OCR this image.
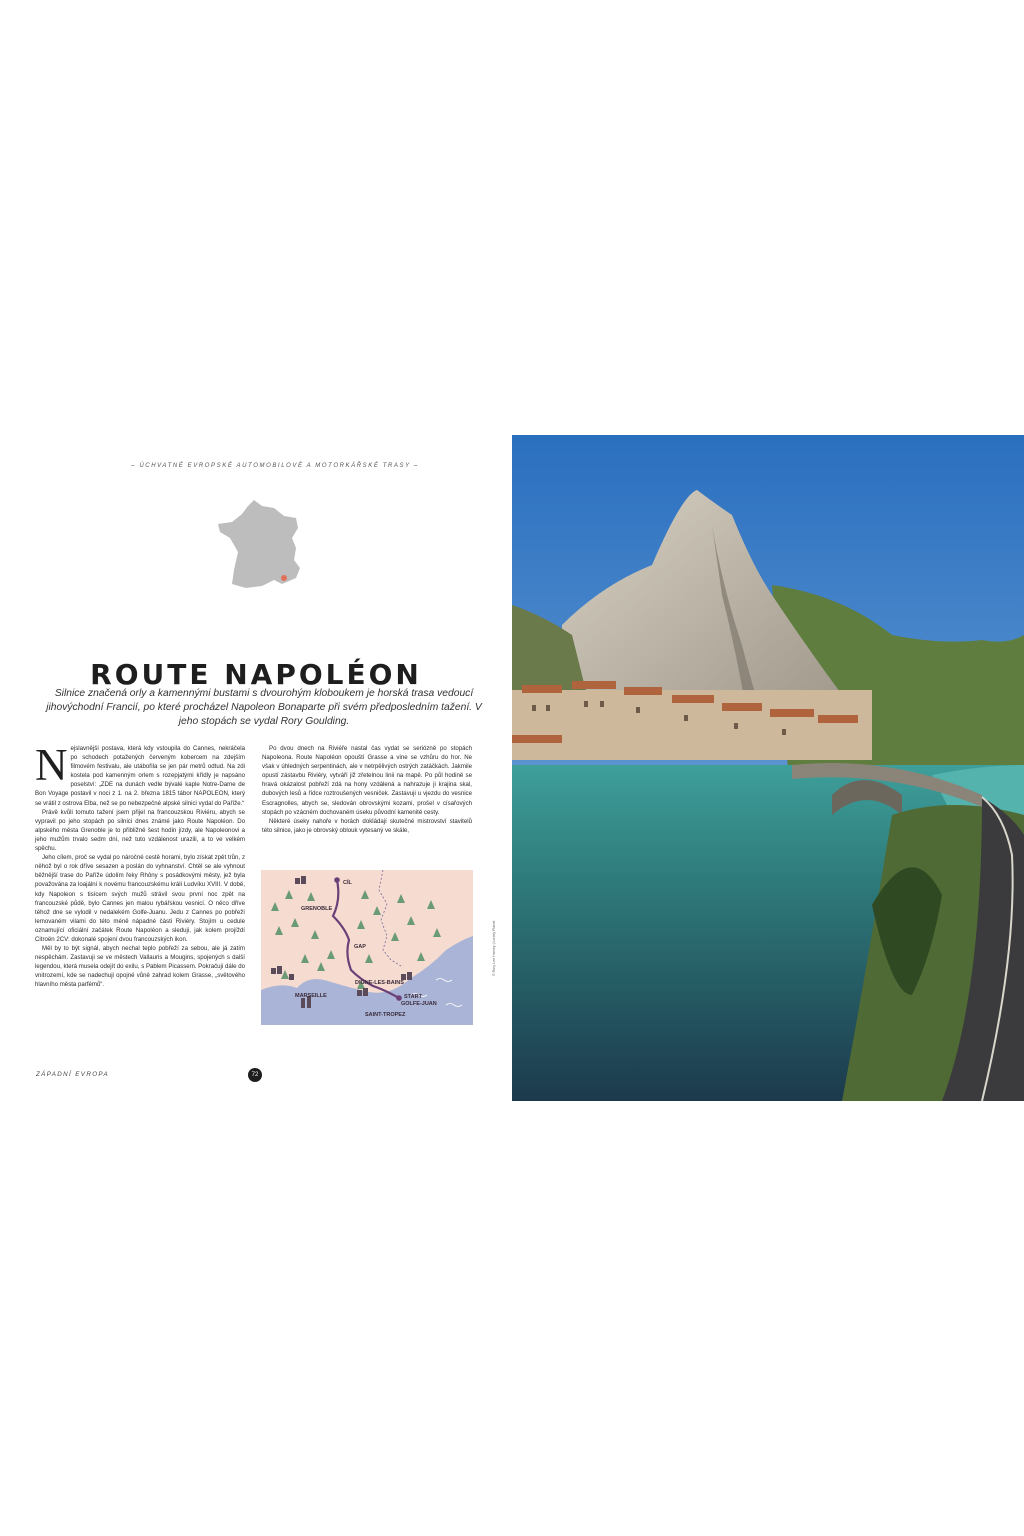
– ÚCHVATNÉ EVROPSKÉ AUTOMOBILOVÉ A MOTORKÁŘSKÉ TRASY –
ROUTE NAPOLÉON
Silnice značená orly a kamennými bustami s dvourohým kloboukem je horská trasa vedoucí jihovýchodní Francií, po které procházel Napoleon Bonaparte při svém předposledním tažení. V jeho stopách se vydal Rory Goulding.

Nejslavnější postava, která kdy vstoupila do Cannes, nekráčela po schodech potažených červeným kobercem na zdejším filmovém festivalu, ale utábořila se jen pár metrů odtud. Na zdi kostela pod kamenným orlem s rozepjatými křídly je napsáno poselství: „ZDE na dunách vedle bývalé kaple Notre-Dame de Bon Voyage postavil v noci z 1. na 2. března 1815 tábor NAPOLEON, který se vrátil z ostrova Elba, než se po nebezpečné alpské silnici vydal do Paříže.“

Právě kvůli tomuto tažení jsem přijel na francouzskou Riviéru, abych se vypravil po jeho stopách po silnici dnes známé jako Route Napoléon. Do alpského města Grenoble je to přibližně šest hodin jízdy, ale Napoleonovi a jeho mužům trvalo sedm dní, než tuto vzdálenost urazili, a to ve velkém spěchu.

Jeho cílem, proč se vydal po náročné cestě horami, bylo získat zpět trůn, z něhož byl o rok dříve sesazen a poslán do vyhnanství. Chtěl se ale vyhnout běžnější trase do Paříže údolím řeky Rhôny s posádkovými městy, jež byla považována za loajální k novému francouzskému králi Ludvíku XVIII. V době, kdy Napoleon s tisícem svých mužů strávil svou první noc zpět na francouzské půdě, bylo Cannes jen malou rybářskou vesnicí. O něco dříve téhož dne se vylodil v nedalekém Golfe-Juanu. Jedu z Cannes po pobřeží lemovaném vilami do této méně nápadné části Riviéry. Stojím u cedule oznamující oficiální začátek Route Napoléon a sleduji, jak kolem projíždí Citroën 2CV: dokonalé spojení dvou francouzských ikon.

Měl by to být signál, abych nechal teplo pobřeží za sebou, ale já zatím nespěchám. Zastavuji se ve městech Vallauris a Mougins, spojených s další legendou, která musela odejít do exilu, s Pablem Picassem. Pokračuji dále do vnitrozemí, kde se nadechuji opojné vůně zahrad kolem Grasse, „světového hlavního města parfémů“.

Po dvou dnech na Riviéře nastal čas vydat se seriózně po stopách Napoleona. Route Napoléon opouští Grasse a vine se vzhůru do hor. Ne však v úhledných serpentinách, ale v netrpělivých ostrých zatáčkách. Jakmile opustí zástavbu Riviéry, vytváří již zřetelnou linii na mapě. Po půl hodině se hravá okázalost pobřeží zdá na hony vzdálená a nahrazuje ji krajina skal, dubových lesů a řídce roztroušených vesniček. Zastavuji u vjezdu do vesnice Escragnolles, abych se, sledován obrovskými kozami, prošel v císařových stopách po vzácném dochovaném úseku původní kamenité cesty.

Některé úseky nahoře v horách dokládají skutečné mistrovství stavitelů této silnice, jako je obrovský oblouk vytesaný ve skále,

GRENOBLE
CÍL
GAP
DIGNE-LES-BAINS
START
GOLFE-JUAN
MARSEILLE
SAINT-TROPEZ
ZÁPADNÍ EVROPA	72
© Rory Lee Harvey | Lonely Planet
